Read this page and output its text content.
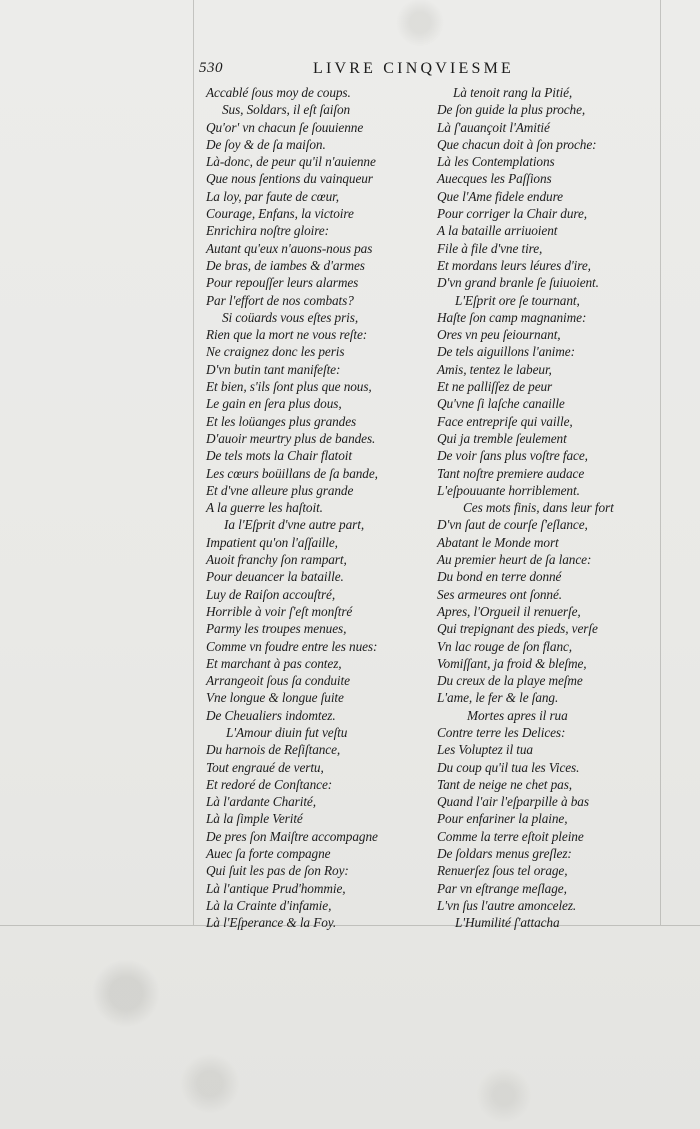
530	LIVRE CINQVIESME
Accablé ſous moy de coups.
Sus, Soldars, il eſt ſaiſon
Qu'or' vn chacun ſe ſouuienne
De ſoy & de ſa maiſon.
Là-donc, de peur qu'il n'auienne
Que nous ſentions du vainqueur
La loy, par faute de cœur,
Courage, Enfans, la victoire
Enrichira noſtre gloire:
Autant qu'eux n'auons-nous pas
De bras, de iambes & d'armes
Pour repouſſer leurs alarmes
Par l'effort de nos combats?
Si coüards vous eſtes pris,
Rien que la mort ne vous reſte:
Ne craignez donc les peris
D'vn butin tant manifeſte:
Et bien, s'ils ſont plus que nous,
Le gain en ſera plus dous,
Et les loüanges plus grandes
D'auoir meurtry plus de bandes.
De tels mots la Chair flatoit
Les cœurs boüillans de ſa bande,
Et d'vne alleure plus grande
A la guerre les haſtoit.
Ia l'Eſprit d'vne autre part,
Impatient qu'on l'aſſaille,
Auoit franchy ſon rampart,
Pour deuancer la bataille.
Luy de Raiſon accouſtré,
Horrible à voir ſ'eſt monſtré
Parmy les troupes menues,
Comme vn foudre entre les nues:
Et marchant à pas contez,
Arrangeoit ſous ſa conduite
Vne longue & longue ſuite
De Cheualiers indomtez.
L'Amour diuin fut veſtu
Du harnois de Reſiſtance,
Tout engraué de vertu,
Et redoré de Conſtance:
Là l'ardante Charité,
Là la ſimple Verité
De pres ſon Maiſtre accompagne
Auec ſa forte compagne
Qui ſuit les pas de ſon Roy:
Là l'antique Prud'hommie,
Là la Crainte d'infamie,
Là l'Eſperance & la Foy.
Là tenoit rang la Pitié,
De ſon guide la plus proche,
Là ſ'auançoit l'Amitié
Que chacun doit à ſon proche:
Là les Contemplations
Auecques les Paſſions
Que l'Ame fidele endure
Pour corriger la Chair dure,
A la bataille arriuoient
File à file d'vne tire,
Et mordans leurs léures d'ire,
D'vn grand branle ſe ſuiuoient.
L'Eſprit ore ſe tournant,
Haſte ſon camp magnanime:
Ores vn peu ſeiournant,
De tels aiguillons l'anime:
Amis, tentez le labeur,
Et ne palliſſez de peur
Qu'vne ſi laſche canaille
Face entrepriſe qui vaille,
Qui ja tremble ſeulement
De voir ſans plus voſtre face,
Tant noſtre premiere audace
L'eſpouuante horriblement.
Ces mots finis, dans leur fort
D'vn ſaut de courſe ſ'eſlance,
Abatant le Monde mort
Au premier heurt de ſa lance:
Du bond en terre donné
Ses armeures ont ſonné.
Apres, l'Orgueil il renuerſe,
Qui trepignant des pieds, verſe
Vn lac rouge de ſon flanc,
Vomiſſant, ja froid & bleſme,
Du creux de la playe meſme
L'ame, le fer & le ſang.
Mortes apres il rua
Contre terre les Delices:
Les Voluptez il tua
Du coup qu'il tua les Vices.
Tant de neige ne chet pas,
Quand l'air l'eſparpille à bas
Pour enfariner la plaine,
Comme la terre eſtoit pleine
De ſoldars menus greſlez:
Renuerſez ſous tel orage,
Par vn eſtrange meſlage,
L'vn ſus l'autre amoncelez.
L'Humilité ſ'attacha
